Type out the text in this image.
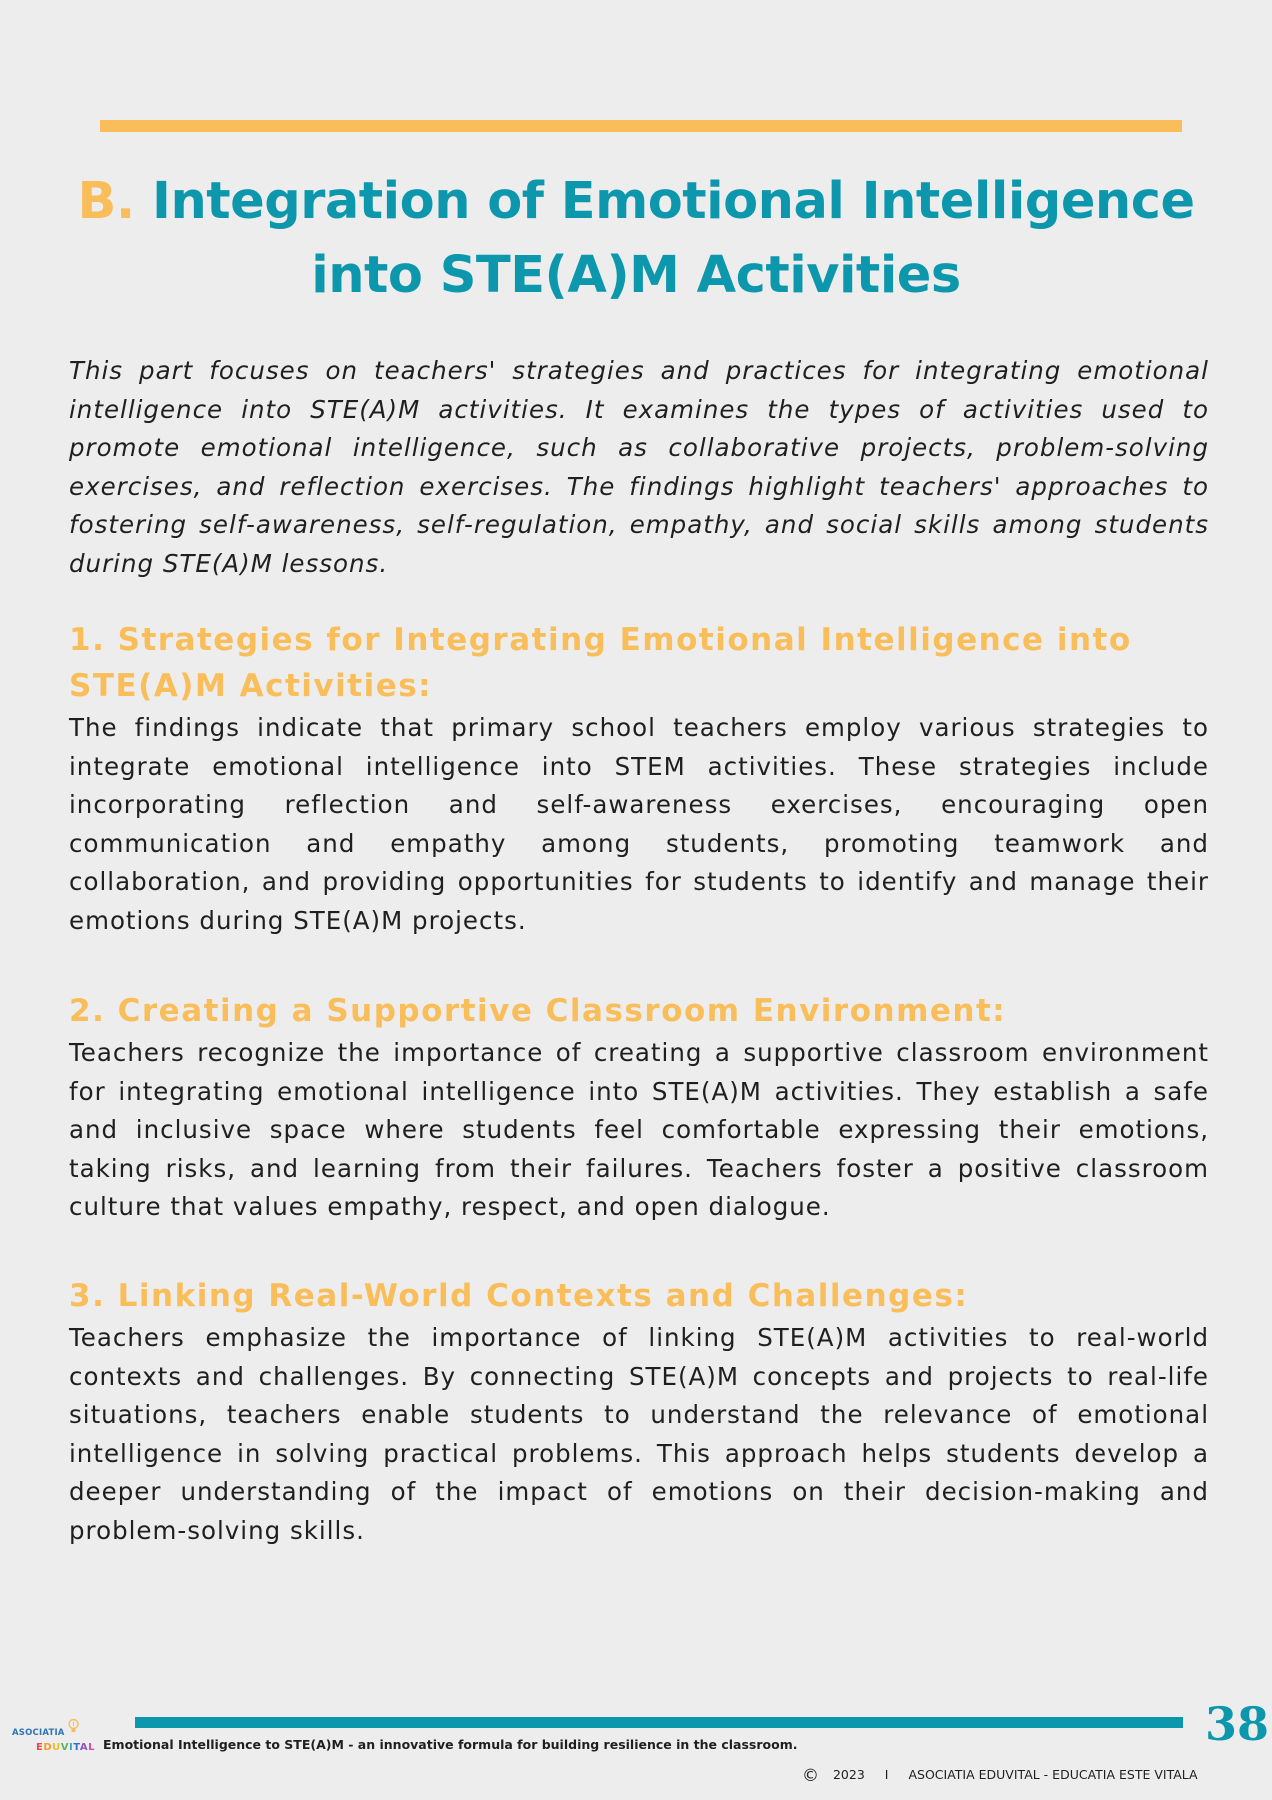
B. Integration of Emotional Intelligence into STE(A)M Activities

This part focuses on teachers' strategies and practices for integrating emotional intelligence into STE(A)M activities. It examines the types of activities used to promote emotional intelligence, such as collaborative projects, problem-solving exercises, and reflection exercises. The findings highlight teachers' approaches to fostering self-awareness, self-regulation, empathy, and social skills among students during STE(A)M lessons.

1. Strategies for Integrating Emotional Intelligence into STE(A)M Activities:

The findings indicate that primary school teachers employ various strategies to integrate emotional intelligence into STEM activities. These strategies include incorporating reflection and self-awareness exercises, encouraging open communication and empathy among students, promoting teamwork and collaboration, and providing opportunities for students to identify and manage their emotions during STE(A)M projects.

2. Creating a Supportive Classroom Environment:

Teachers recognize the importance of creating a supportive classroom environment for integrating emotional intelligence into STE(A)M activities. They establish a safe and inclusive space where students feel comfortable expressing their emotions, taking risks, and learning from their failures. Teachers foster a positive classroom culture that values empathy, respect, and open dialogue.

3. Linking Real-World Contexts and Challenges:

Teachers emphasize the importance of linking STE(A)M activities to real-world contexts and challenges. By connecting STE(A)M concepts and projects to real-life situations, teachers enable students to understand the relevance of emotional intelligence in solving practical problems. This approach helps students develop a deeper understanding of the impact of emotions on their decision-making and problem-solving skills.

38
ASOCIATIA
EDUVITAL Emotional Intelligence to STE(A)M - an innovative formula for building resilience in the classroom.
© 2023 I ASOCIATIA EDUVITAL - EDUCATIA ESTE VITALA
